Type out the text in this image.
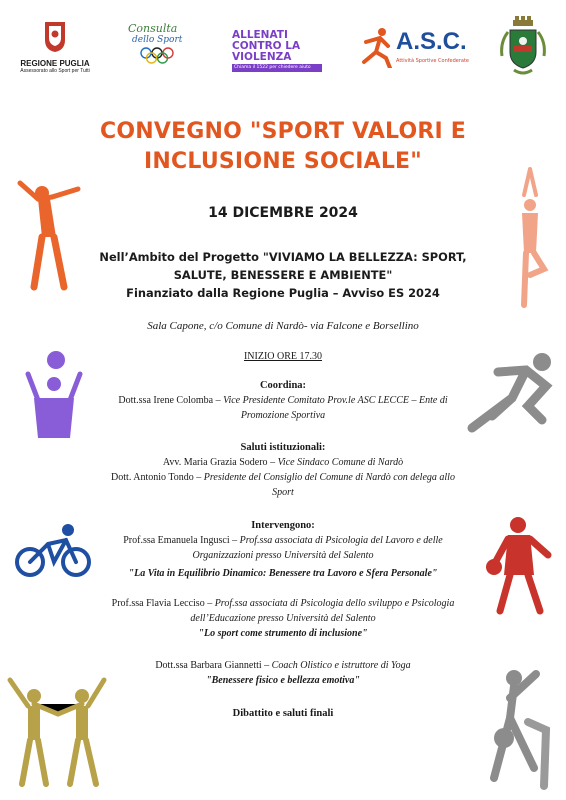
REGIONE PUGLIA
Assessorato allo Sport per Tutti
Consulta
dello Sport	ALLENATI
CONTRO LA
VIOLENZA
Chiama il 1522 per chiedere aiuto
A.S.C.
Attività Sportive Confederate
CONVEGNO "SPORT VALORI E
INCLUSIONE SOCIALE"
14 DICEMBRE 2024
Nell’Ambito del Progetto "VIVIAMO LA BELLEZZA: SPORT,
SALUTE, BENESSERE E AMBIENTE"
Finanziato dalla Regione Puglia – Avviso ES 2024
Sala Capone, c/o Comune di Nardò- via Falcone e Borsellino
INIZIO ORE 17.30
Coordina:
Dott.ssa Irene Colomba – Vice Presidente Comitato Prov.le ASC LECCE – Ente di
Promozione Sportiva
Saluti istituzionali:
Avv. Maria Grazia Sodero – Vice Sindaco Comune di Nardò
Dott. Antonio Tondo – Presidente del Consiglio del Comune di Nardò con delega allo
Sport
Intervengono:
Prof.ssa Emanuela Ingusci – Prof.ssa associata di Psicologia del Lavoro e delle
Organizzazioni presso Università del Salento
"La Vita in Equilibrio Dinamico: Benessere tra Lavoro e Sfera Personale"
Prof.ssa Flavia Lecciso – Prof.ssa associata di Psicologia dello sviluppo e Psicologia
dell’Educazione presso Università del Salento
"Lo sport come strumento di inclusione"
Dott.ssa Barbara Giannetti – Coach Olistico e istruttore di Yoga
"Benessere fisico e bellezza emotiva"
Dibattito e saluti finali
